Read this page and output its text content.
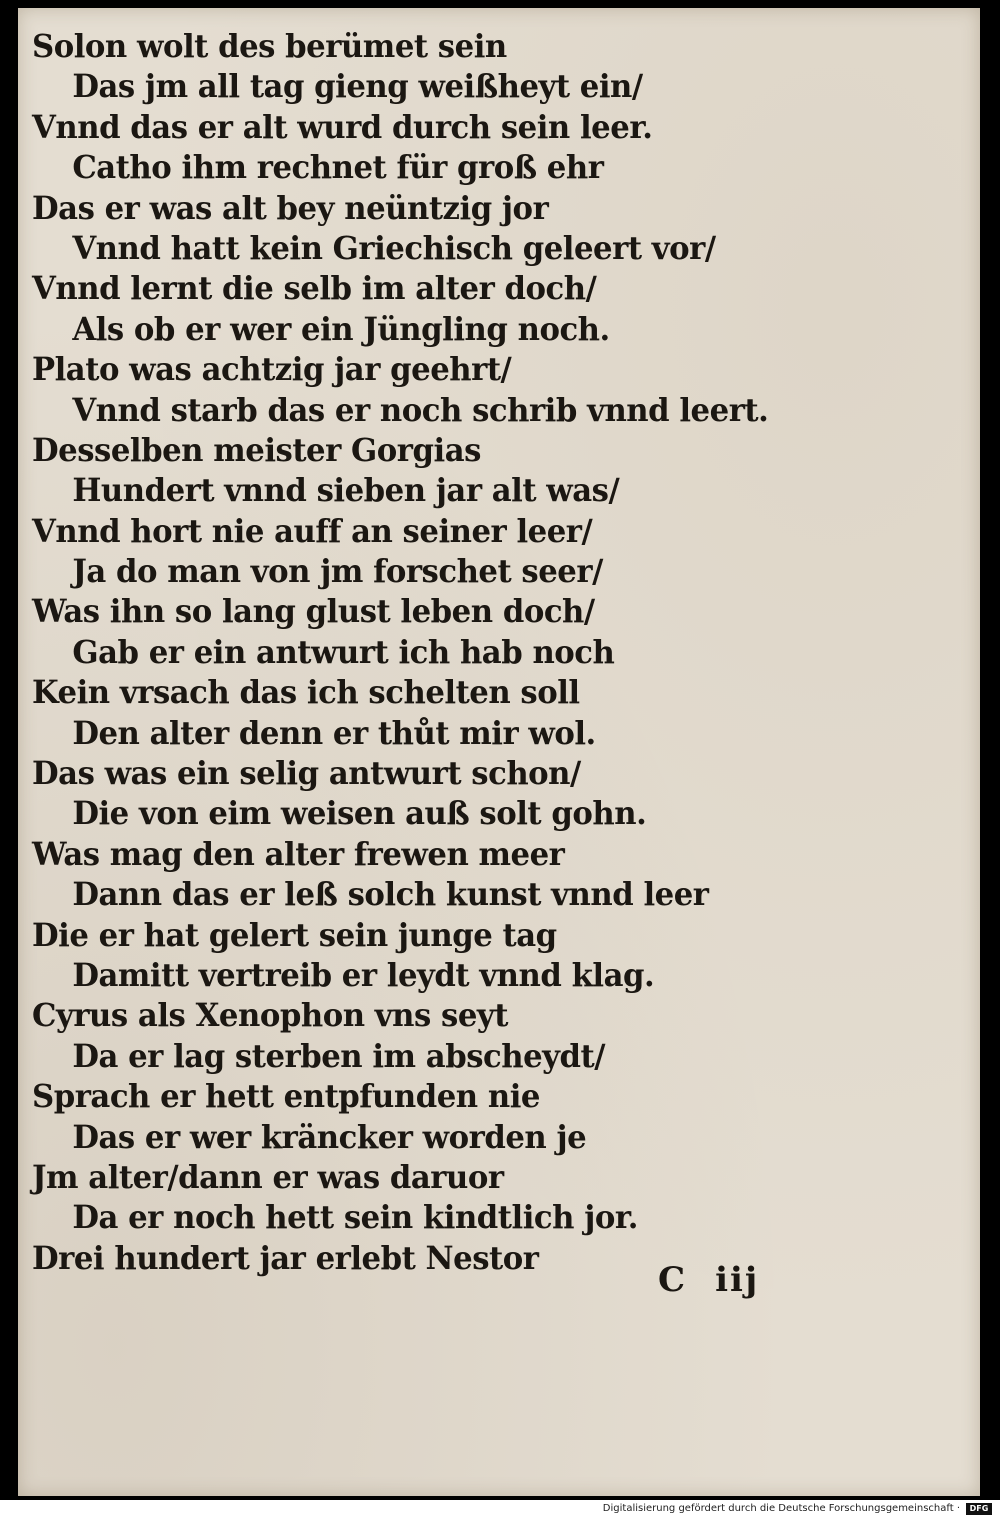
Solon wolt des berümet sein
Das jm all tag gieng weißheyt ein/
Vnnd das er alt wurd durch sein leer.
Catho ihm rechnet für groß ehr
Das er was alt bey neüntzig jor
Vnnd hatt kein Griechisch geleert vor/
Vnnd lernt die selb im alter doch/
Als ob er wer ein Jüngling noch.
Plato was achtzig jar geehrt/
Vnnd starb das er noch schrib vnnd leert.
Desselben meister Gorgias
Hundert vnnd sieben jar alt was/
Vnnd hort nie auff an seiner leer/
Ja do man von jm forschet seer/
Was ihn so lang glust leben doch/
Gab er ein antwurt ich hab noch
Kein vrsach das ich schelten soll
Den alter denn er thůt mir wol.
Das was ein selig antwurt schon/
Die von eim weisen auß solt gohn.
Was mag den alter frewen meer
Dann das er leß solch kunst vnnd leer
Die er hat gelert sein junge tag
Damitt vertreib er leydt vnnd klag.
Cyrus als Xenophon vns seyt
Da er lag sterben im abscheydt/
Sprach er hett entpfunden nie
Das er wer kräncker worden je
Jm alter/dann er was daruor
Da er noch hett sein kindtlich jor.
Drei hundert jar erlebt Nestor
C iij
Digitalisierung gefördert durch die Deutsche Forschungsgemeinschaft ·	DFG
